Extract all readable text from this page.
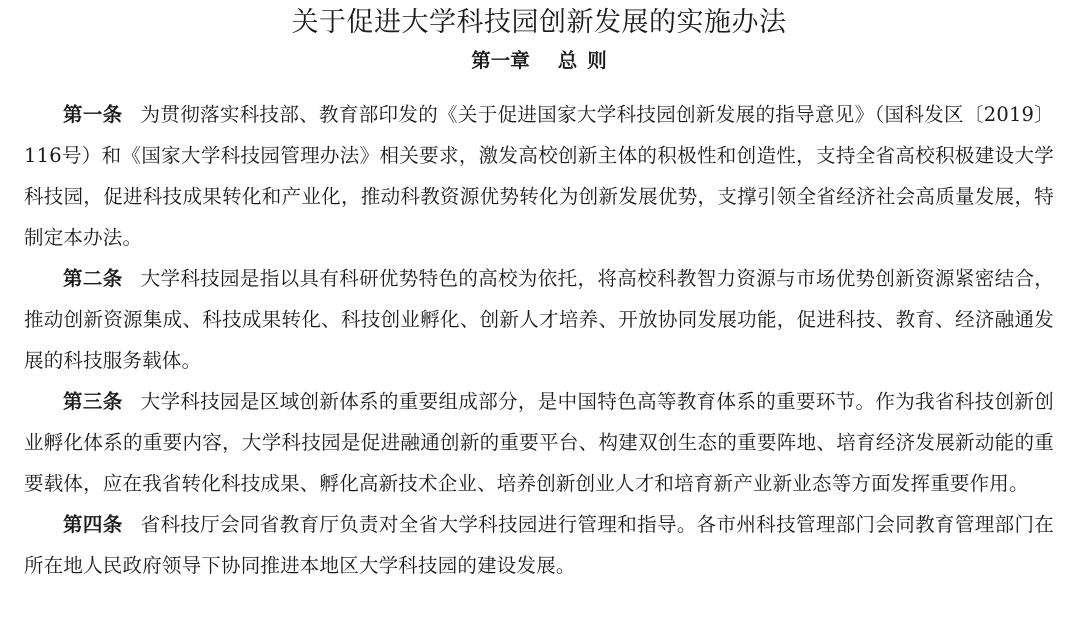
关于促进大学科技园创新发展的实施办法
第一章 总 则

第一条 为贯彻落实科技部、教育部印发的《关于促进国家大学科技园创新发展的指导意见》（国科发区〔2019〕116号）和《国家大学科技园管理办法》相关要求，激发高校创新主体的积极性和创造性，支持全省高校积极建设大学科技园，促进科技成果转化和产业化，推动科教资源优势转化为创新发展优势，支撑引领全省经济社会高质量发展，特制定本办法。

第二条 大学科技园是指以具有科研优势特色的高校为依托，将高校科教智力资源与市场优势创新资源紧密结合，推动创新资源集成、科技成果转化、科技创业孵化、创新人才培养、开放协同发展功能，促进科技、教育、经济融通发展的科技服务载体。

第三条 大学科技园是区域创新体系的重要组成部分，是中国特色高等教育体系的重要环节。作为我省科技创新创业孵化体系的重要内容，大学科技园是促进融通创新的重要平台、构建双创生态的重要阵地、培育经济发展新动能的重要载体，应在我省转化科技成果、孵化高新技术企业、培养创新创业人才和培育新产业新业态等方面发挥重要作用。

第四条 省科技厅会同省教育厅负责对全省大学科技园进行管理和指导。各市州科技管理部门会同教育管理部门在所在地人民政府领导下协同推进本地区大学科技园的建设发展。
